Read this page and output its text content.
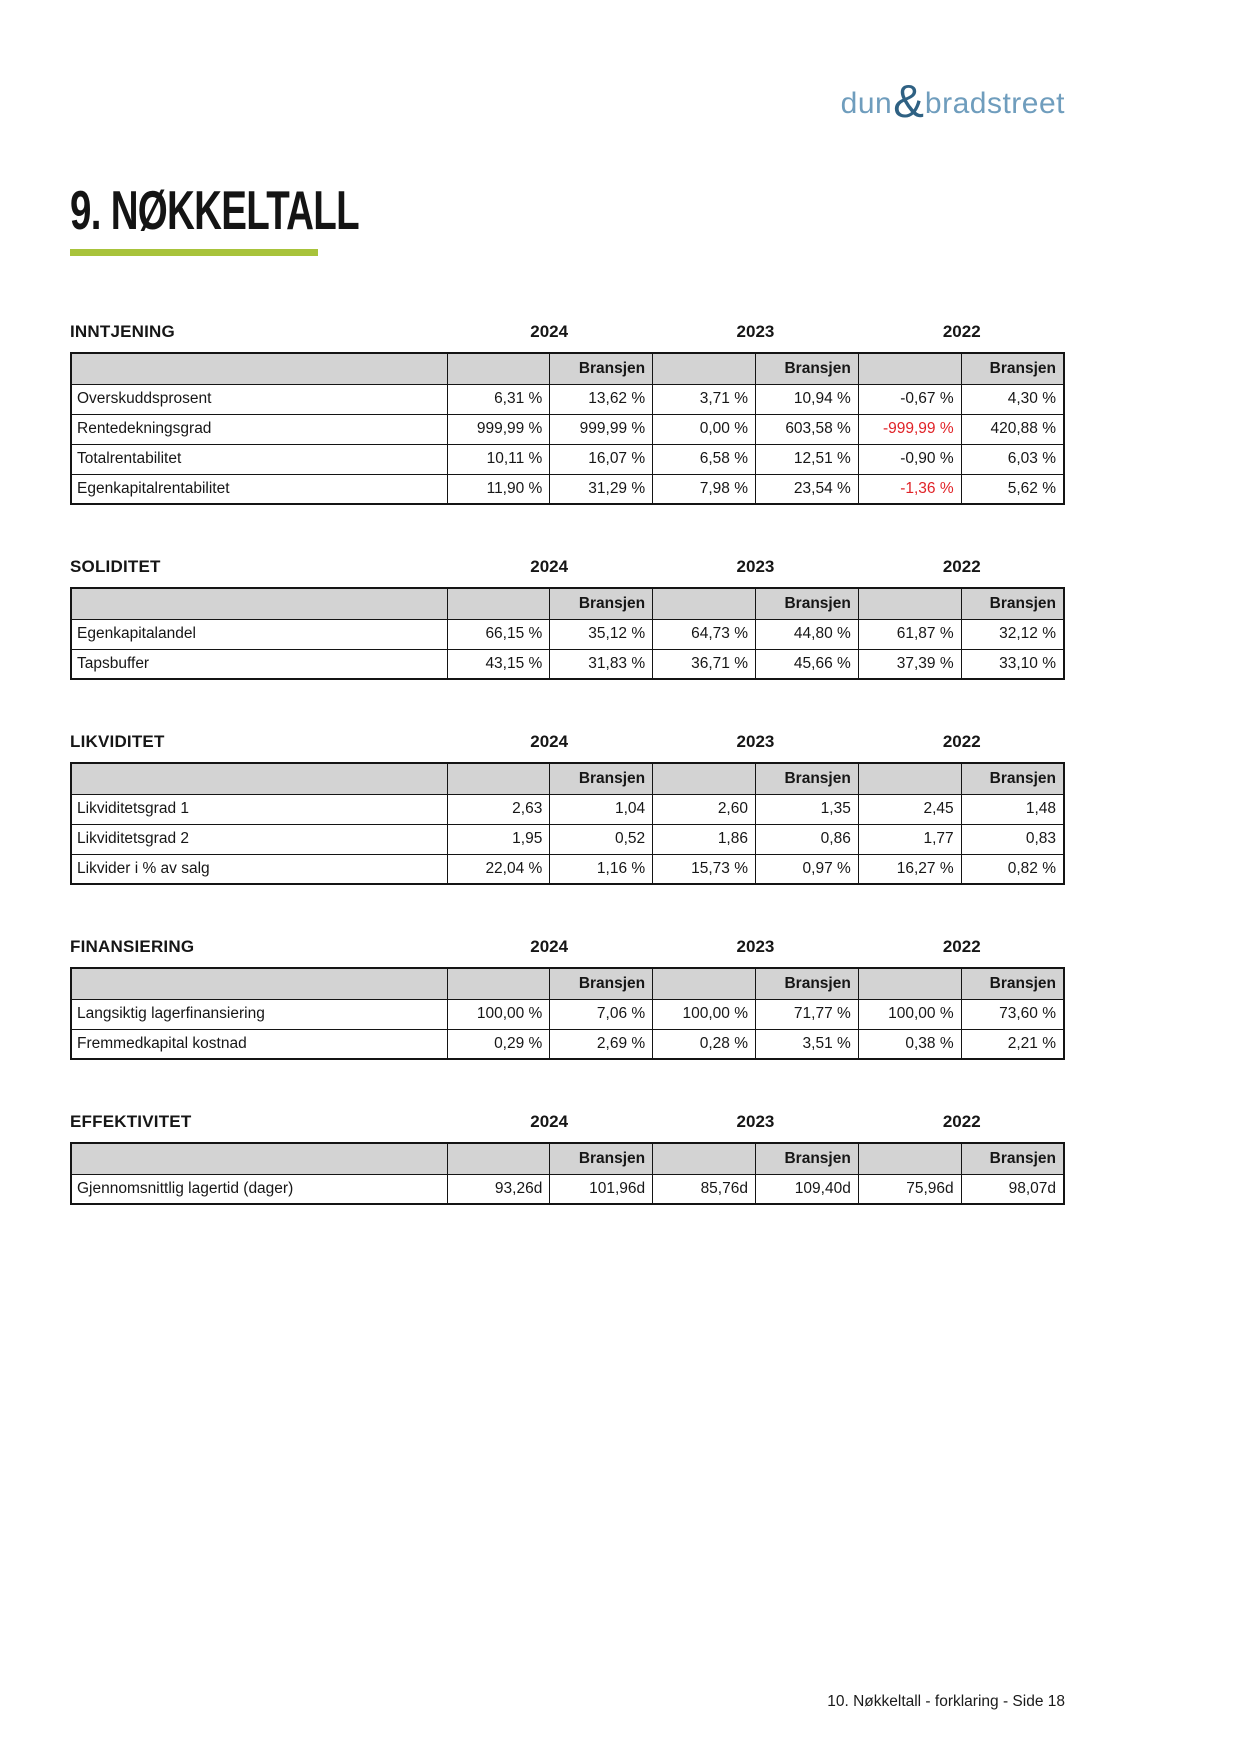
dun & bradstreet
9. NØKKELTALL
INNTJENING	2024	2023	2022
		Bransjen		Bransjen		Bransjen
Overskuddsprosent	6,31 %	13,62 %	3,71 %	10,94 %	-0,67 %	4,30 %
Rentedekningsgrad	999,99 %	999,99 %	0,00 %	603,58 %	-999,99 %	420,88 %
Totalrentabilitet	10,11 %	16,07 %	6,58 %	12,51 %	-0,90 %	6,03 %
Egenkapitalrentabilitet	11,90 %	31,29 %	7,98 %	23,54 %	-1,36 %	5,62 %
SOLIDITET	2024	2023	2022
		Bransjen		Bransjen		Bransjen
Egenkapitalandel	66,15 %	35,12 %	64,73 %	44,80 %	61,87 %	32,12 %
Tapsbuffer	43,15 %	31,83 %	36,71 %	45,66 %	37,39 %	33,10 %
LIKVIDITET	2024	2023	2022
		Bransjen		Bransjen		Bransjen
Likviditetsgrad 1	2,63	1,04	2,60	1,35	2,45	1,48
Likviditetsgrad 2	1,95	0,52	1,86	0,86	1,77	0,83
Likvider i % av salg	22,04 %	1,16 %	15,73 %	0,97 %	16,27 %	0,82 %
FINANSIERING	2024	2023	2022
		Bransjen		Bransjen		Bransjen
Langsiktig lagerfinansiering	100,00 %	7,06 %	100,00 %	71,77 %	100,00 %	73,60 %
Fremmedkapital kostnad	0,29 %	2,69 %	0,28 %	3,51 %	0,38 %	2,21 %
EFFEKTIVITET	2024	2023	2022
		Bransjen		Bransjen		Bransjen
Gjennomsnittlig lagertid (dager)	93,26d	101,96d	85,76d	109,40d	75,96d	98,07d
10. Nøkkeltall - forklaring - Side 18
